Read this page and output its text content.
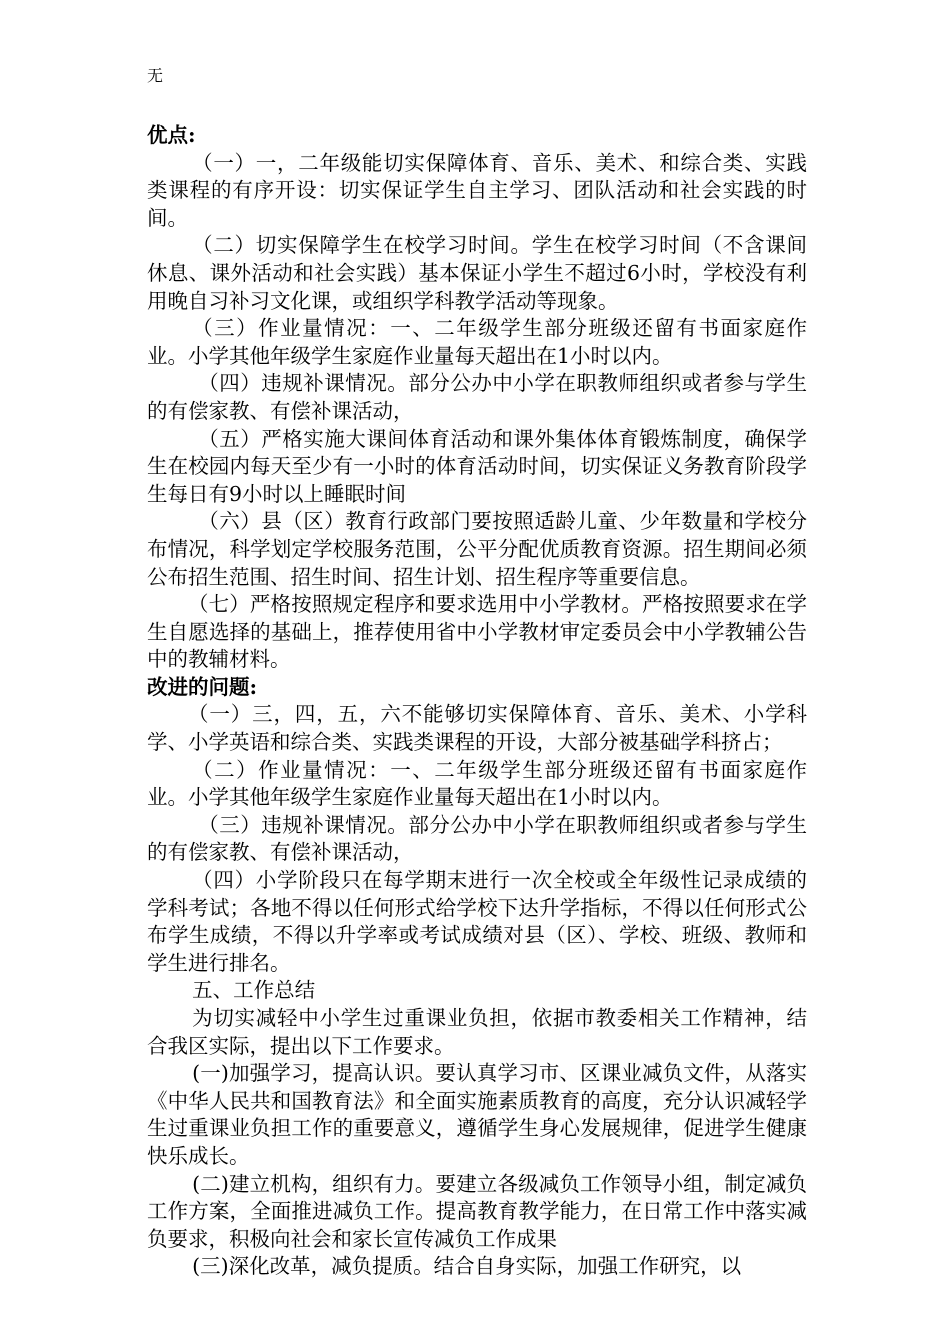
无

优点:

（一）一，二年级能切实保障体育、音乐、美术、和综合类、实践类课程的有序开设：切实保证学生自主学习、团队活动和社会实践的时间。

（二）切实保障学生在校学习时间。学生在校学习时间（不含课间休息、课外活动和社会实践）基本保证小学生不超过6小时，学校没有利用晚自习补习文化课，或组织学科教学活动等现象。

（三）作业量情况：一、二年级学生部分班级还留有书面家庭作业。小学其他年级学生家庭作业量每天超出在1小时以内。

（四）违规补课情况。部分公办中小学在职教师组织或者参与学生的有偿家教、有偿补课活动，

（五）严格实施大课间体育活动和课外集体体育锻炼制度，确保学生在校园内每天至少有一小时的体育活动时间，切实保证义务教育阶段学生每日有9小时以上睡眠时间

（六）县（区）教育行政部门要按照适龄儿童、少年数量和学校分布情况，科学划定学校服务范围，公平分配优质教育资源。招生期间必须公布招生范围、招生时间、招生计划、招生程序等重要信息。

（七）严格按照规定程序和要求选用中小学教材。严格按照要求在学生自愿选择的基础上，推荐使用省中小学教材审定委员会中小学教辅公告中的教辅材料。

改进的问题:

（一）三，四，五，六不能够切实保障体育、音乐、美术、小学科学、小学英语和综合类、实践类课程的开设，大部分被基础学科挤占；

（二）作业量情况：一、二年级学生部分班级还留有书面家庭作业。小学其他年级学生家庭作业量每天超出在1小时以内。

（三）违规补课情况。部分公办中小学在职教师组织或者参与学生的有偿家教、有偿补课活动，

（四）小学阶段只在每学期末进行一次全校或全年级性记录成绩的学科考试；各地不得以任何形式给学校下达升学指标，不得以任何形式公布学生成绩，不得以升学率或考试成绩对县（区）、学校、班级、教师和学生进行排名。

五、工作总结

为切实减轻中小学生过重课业负担，依据市教委相关工作精神，结合我区实际，提出以下工作要求。

(一)加强学习，提高认识。要认真学习市、区课业减负文件，从落实《中华人民共和国教育法》和全面实施素质教育的高度，充分认识减轻学生过重课业负担工作的重要意义，遵循学生身心发展规律，促进学生健康快乐成长。

(二)建立机构，组织有力。要建立各级减负工作领导小组，制定减负工作方案，全面推进减负工作。提高教育教学能力，在日常工作中落实减负要求，积极向社会和家长宣传减负工作成果

(三)深化改革，减负提质。结合自身实际，加强工作研究，以
